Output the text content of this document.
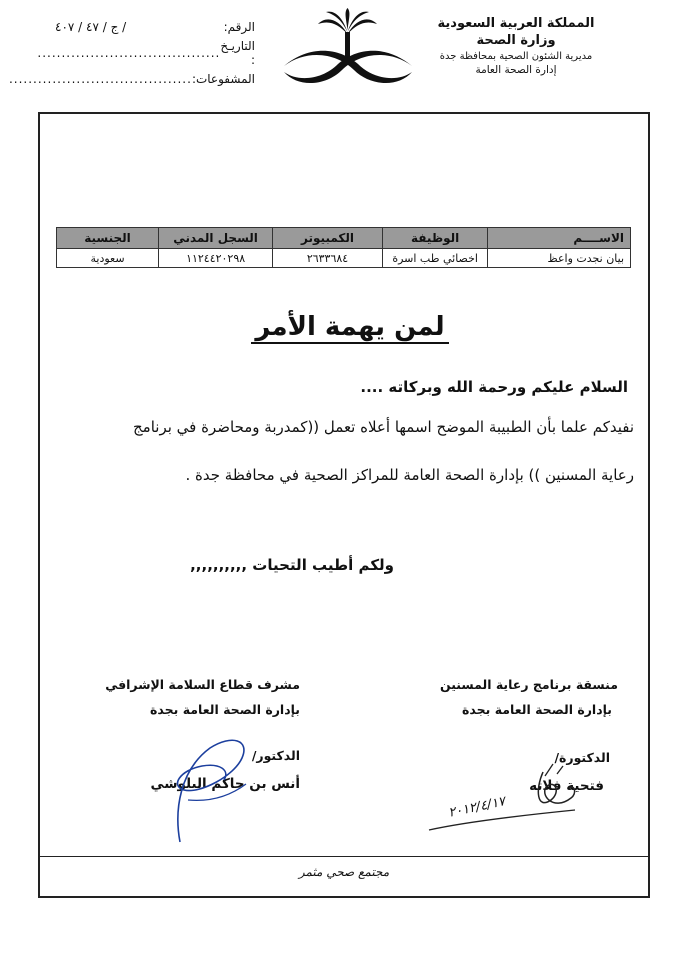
المملكة العربية السعودية
وزارة الصحة
مديرية الشئون الصحية بمحافظة جدة
إدارة الصحة العامة
الرقم:
ج / ٤٧ / ٤٠٧ /
التاريـخ :
......................................
المشفوعات:
......................................
مجتمع صحي مثمر
الاســــم	الوظيفة	الكمبيوتر	السجل المدني	الجنسية
بيان نجدت واعظ	اخصائي طب اسرة	٢٦٣٣٦٨٤	١١٢٤٤٢٠٢٩٨	سعودية
لمن يهمة الأمر
السلام عليكم ورحمة الله وبركاته ....
نفيدكم علما بأن الطبيبة الموضح اسمها أعلاه تعمل ((كمدربة ومحاضرة في برنامج
رعاية المسنين )) بإدارة الصحة العامة للمراكز الصحية في محافظة جدة .
ولكم أطيب التحيات ,,,,,,,,,,
منسقة برنامج رعاية المسنين
بإدارة الصحة العامة بجدة
الدكتورة/
فتحية فلاته
مشرف قطاع السلامة الإشرافي
بإدارة الصحة العامة بجدة
الدكتور/
أنس بن حاكم البلوشي
٢٠١٢/٤/١٧
